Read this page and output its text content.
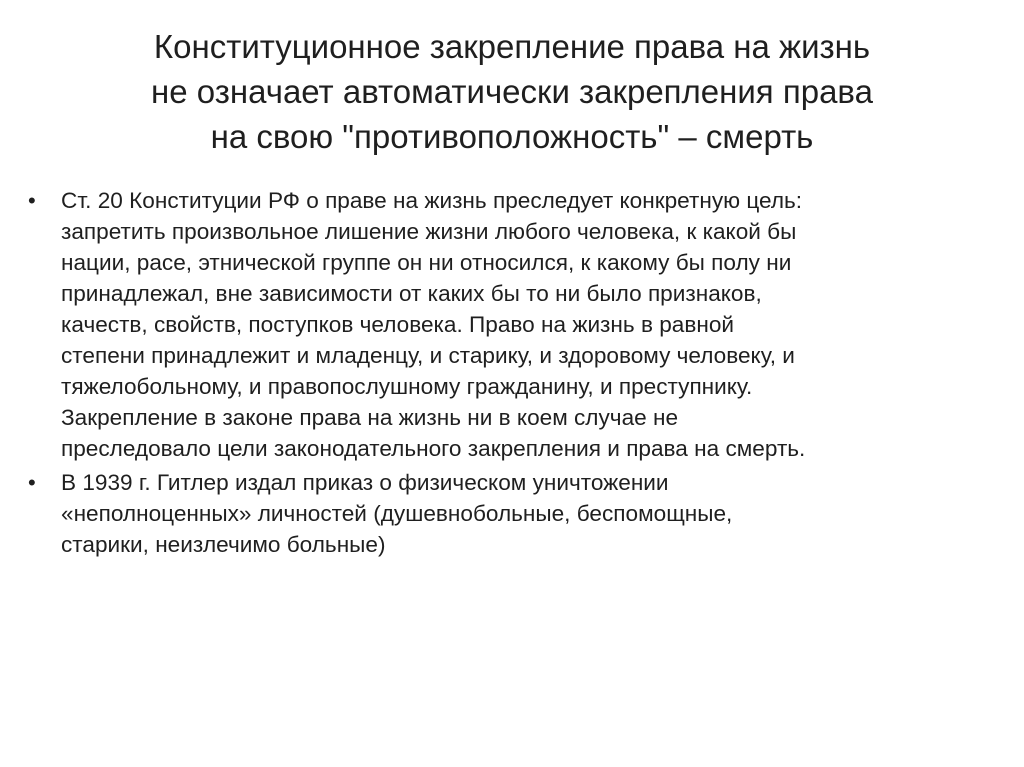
Конституционное закрепление права на жизнь
не означает автоматически закрепления права
на свою "противоположность" – смерть
• Ст. 20 Конституции РФ о праве на жизнь преследует конкретную цель:
запретить произвольное лишение жизни любого человека, к какой бы
нации, расе, этнической группе он ни относился, к какому бы полу ни
принадлежал, вне зависимости от каких бы то ни было признаков,
качеств, свойств, поступков человека. Право на жизнь в равной
степени принадлежит и младенцу, и старику, и здоровому человеку, и
тяжелобольному, и правопослушному гражданину, и преступнику.
Закрепление в законе права на жизнь ни в коем случае не
преследовало цели законодательного закрепления и права на смерть.
• В 1939 г. Гитлер издал приказ о физическом уничтожении
«неполноценных» личностей (душевнобольные, беспомощные,
старики, неизлечимо больные)
